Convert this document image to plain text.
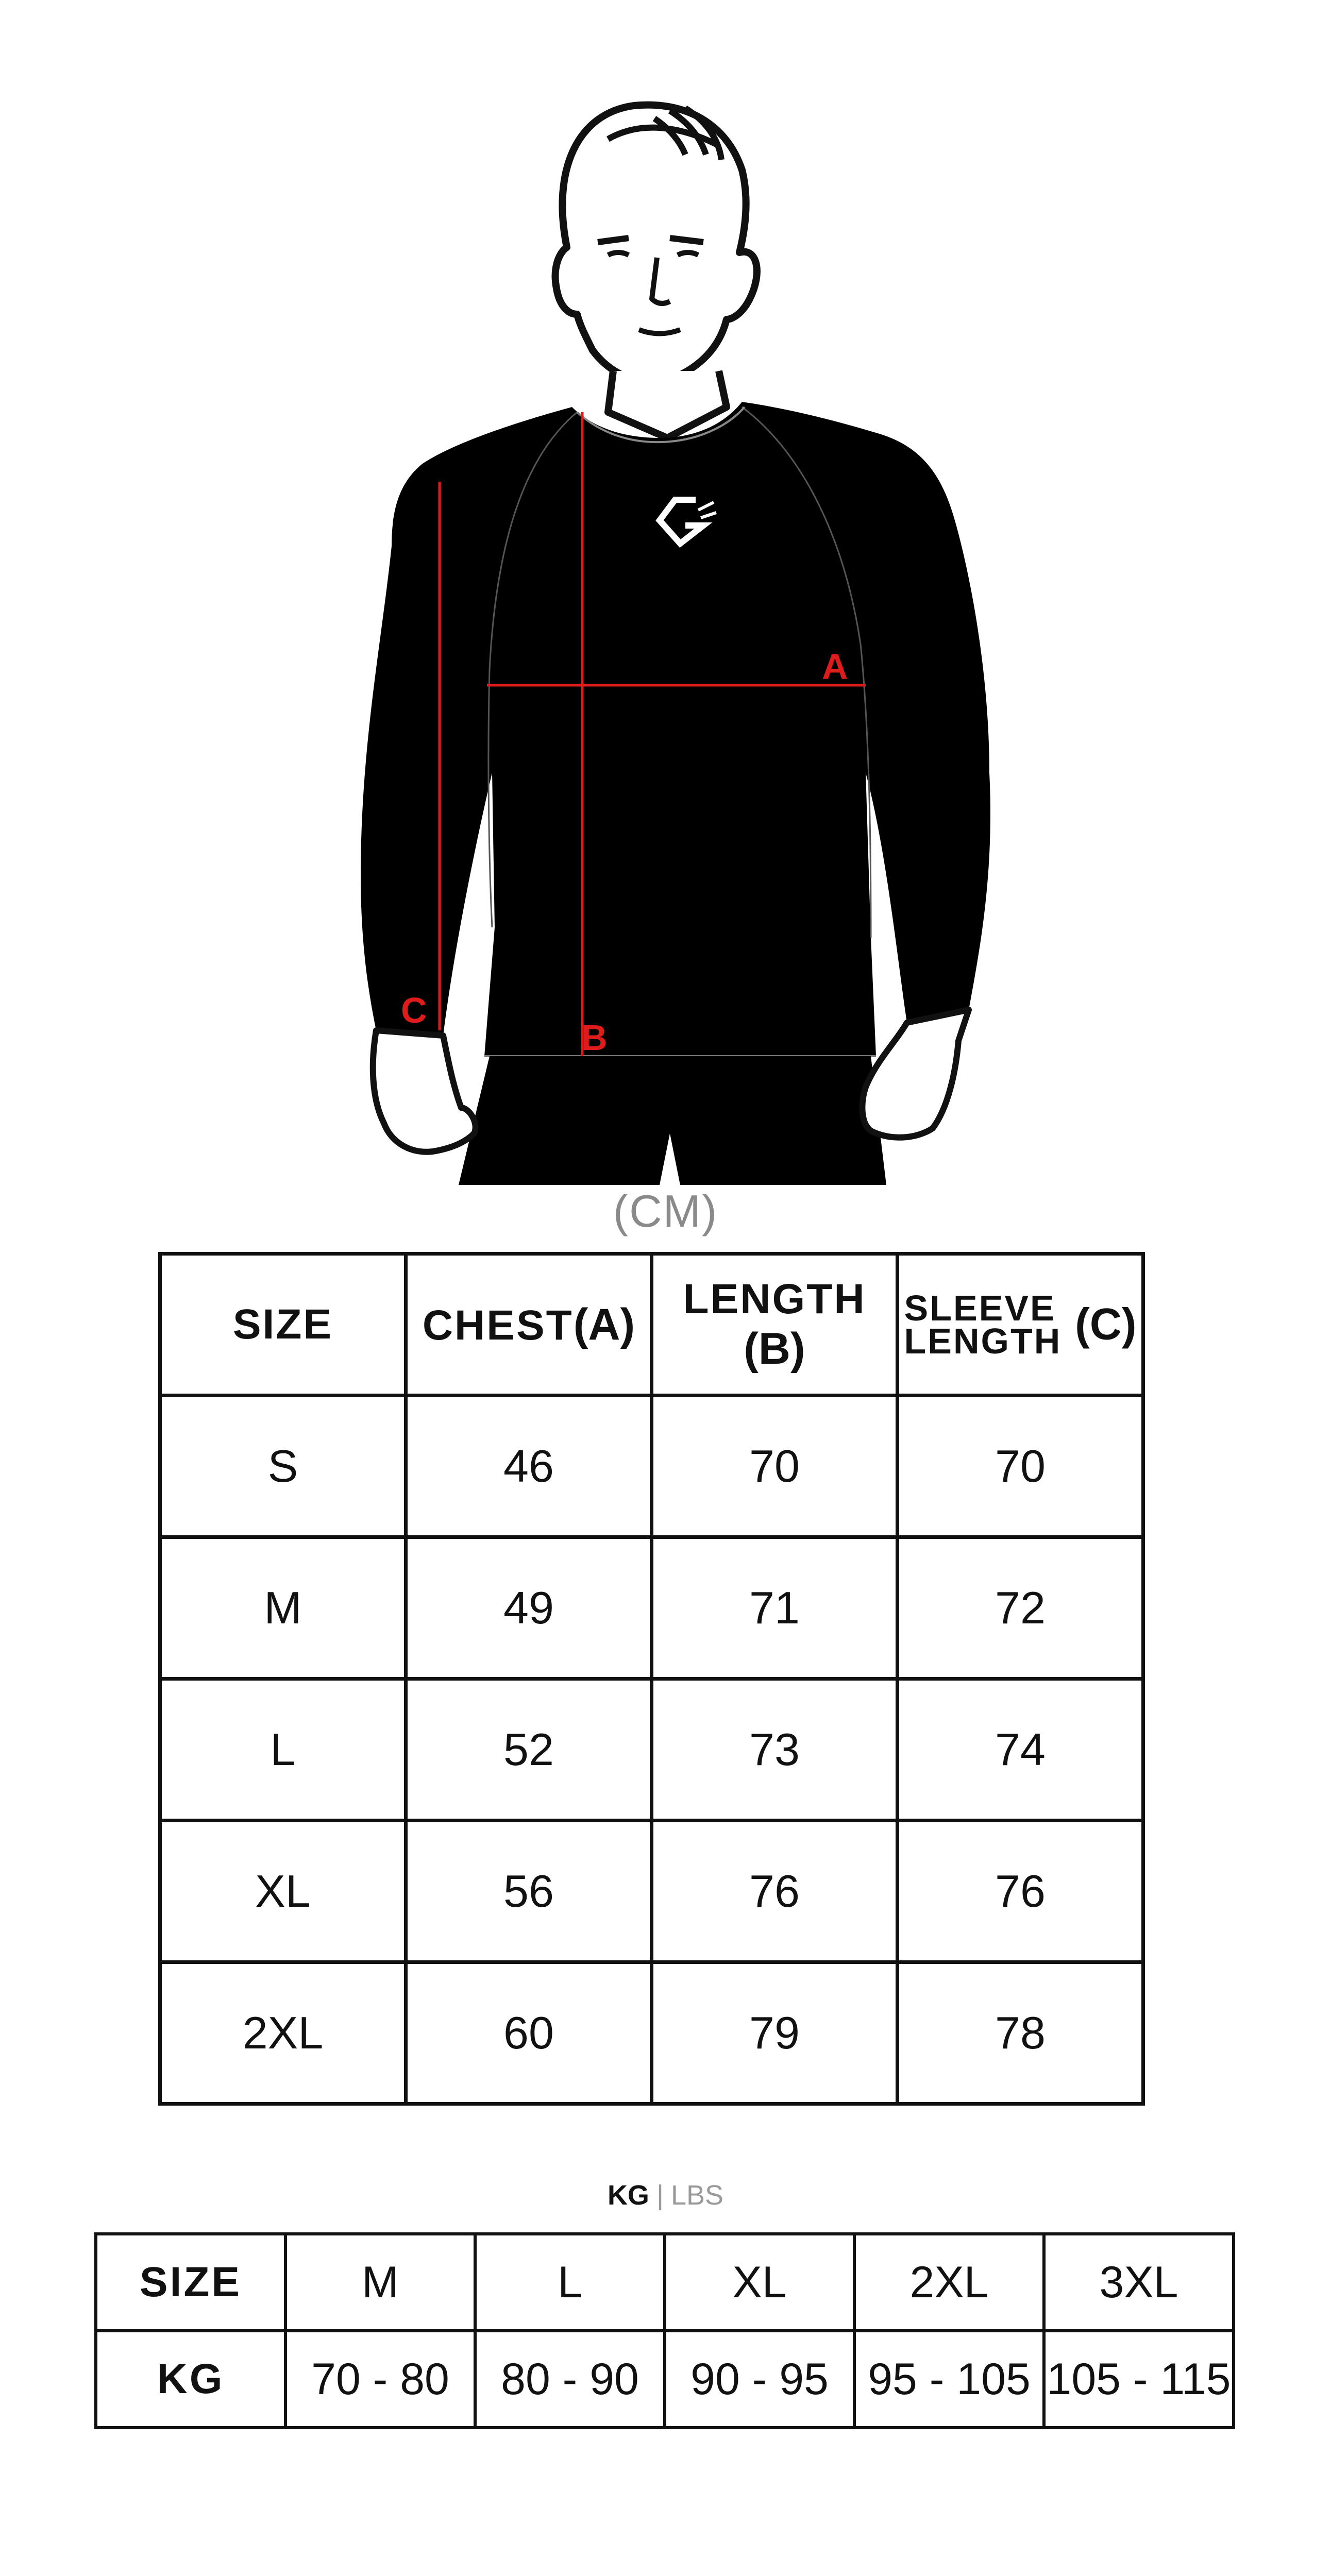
A
B
C
(CM)
SIZE	CHEST(A)	LENGTH (B)	SLEEVE
LENGTH (C)
S	46	70	70
M	49	71	72
L	52	73	74
XL	56	76	76
2XL	60	79	78
KG | LBS
SIZE	M	L	XL	2XL	3XL
KG	70 - 80	80 - 90	90 - 95	95 - 105	105 - 115
